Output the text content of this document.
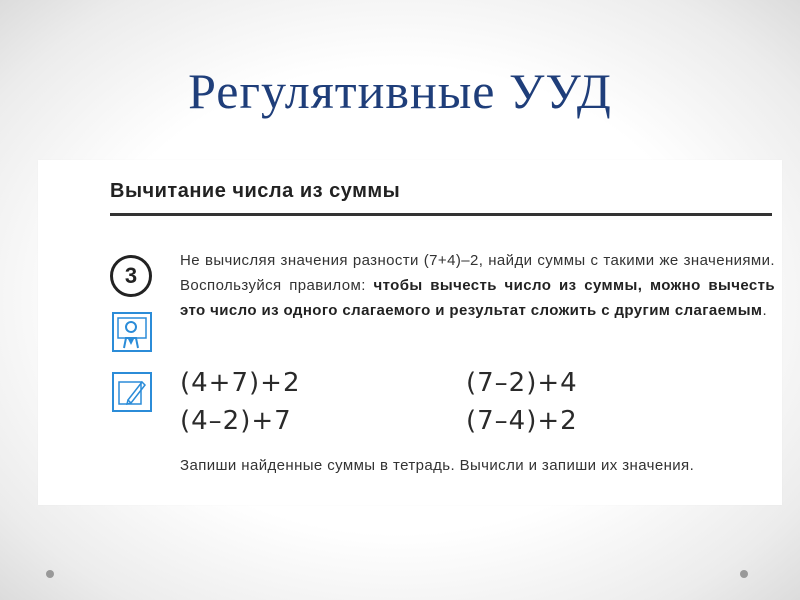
Регулятивные УУД
Вычитание числа из суммы
3
Не вычисляя значения разности (7+4)–2, найди суммы с такими же значениями. Воспользуйся правилом: чтобы вычесть число из суммы, можно вычесть это число из одного слагаемого и результат сложить с другим слагаемым.
(4+7)+2	(7–2)+4
(4–2)+7	(7–4)+2
Запиши найденные суммы в тетрадь. Вычисли и запиши их значения.
